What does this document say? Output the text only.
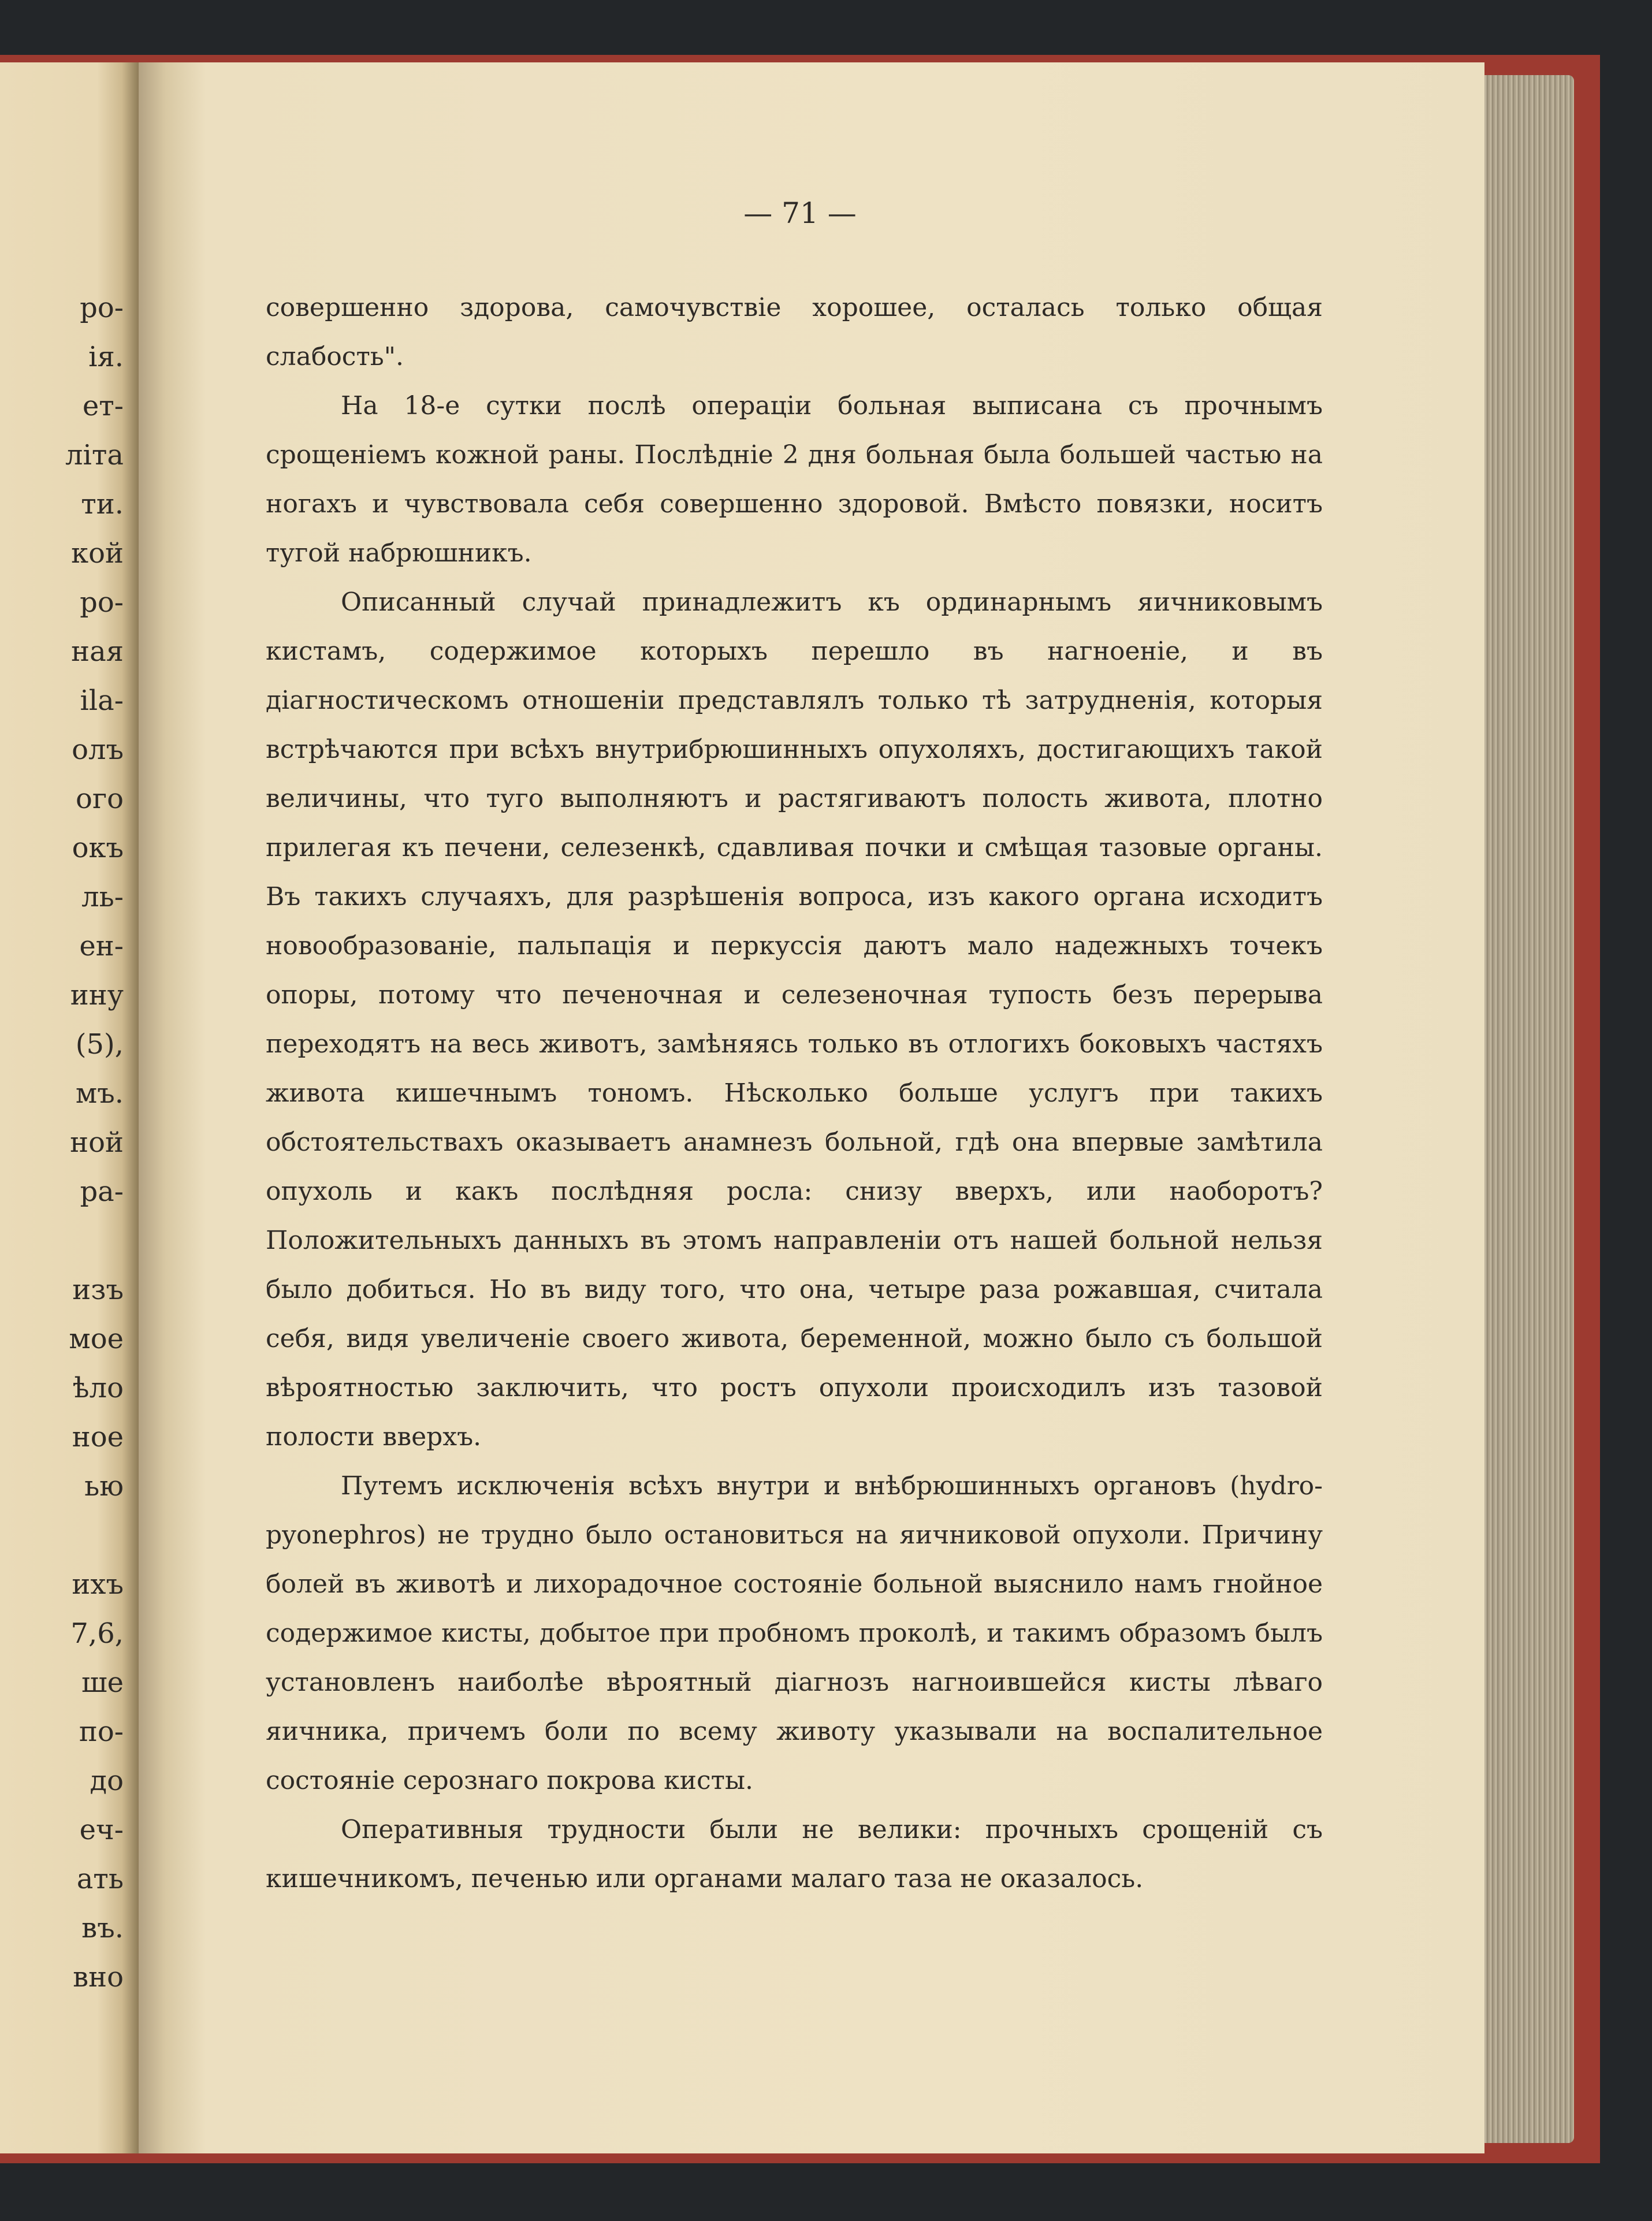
ро-
ія.
ет-
літа
ти.
кой
ро-
ная
іla-
олъ
ого
окъ
ль-
ен-
ину
(5),
мъ.
ной
ра-
изъ
мое
ѣло
ное
ью
ихъ
7,6,
ше
по-
до
еч-
ать
въ.
вно
— 71 —

совершенно здорова, самочувствіе хорошее, осталась только общая слабость".

На 18-е сутки послѣ операціи больная выписана съ прочнымъ срощеніемъ кожной раны. Послѣдніе 2 дня больная была большей частью на ногахъ и чувствовала себя совершенно здоровой. Вмѣсто повязки, носитъ тугой набрюшникъ.

Описанный случай принадлежитъ къ ординарнымъ яичниковымъ кистамъ, содержимое которыхъ перешло въ нагноеніе, и въ діагностическомъ отношеніи представлялъ только тѣ затрудненія, которыя встрѣчаются при всѣхъ внутрибрюшинныхъ опухоляхъ, достигающихъ такой величины, что туго выполняютъ и растягиваютъ полость живота, плотно прилегая къ печени, селезенкѣ, сдавливая почки и смѣщая тазовые органы. Въ такихъ случаяхъ, для разрѣшенія вопроса, изъ какого органа исходитъ новообразованіе, пальпація и перкуссія даютъ мало надежныхъ точекъ опоры, потому что печеночная и селезеночная тупость безъ перерыва переходятъ на весь животъ, замѣняясь только въ отлогихъ боковыхъ частяхъ живота кишечнымъ тономъ. Нѣсколько больше услугъ при такихъ обстоятельствахъ оказываетъ анамнезъ больной, гдѣ она впервые замѣтила опухоль и какъ послѣдняя росла: снизу вверхъ, или наоборотъ? Положительныхъ данныхъ въ этомъ направленіи отъ нашей больной нельзя было добиться. Но въ виду того, что она, четыре раза рожавшая, считала себя, видя увеличеніе своего живота, беременной, можно было съ большой вѣроятностью заключить, что ростъ опухоли происходилъ изъ тазовой полости вверхъ.

Путемъ исключенія всѣхъ внутри и внѣбрюшинныхъ органовъ (hydro-pyonephros) не трудно было остановиться на яичниковой опухоли. Причину болей въ животѣ и лихорадочное состояніе больной выяснило намъ гнойное содержимое кисты, добытое при пробномъ проколѣ, и такимъ образомъ былъ установленъ наиболѣе вѣроятный діагнозъ нагноившейся кисты лѣваго яичника, причемъ боли по всему животу указывали на воспалительное состояніе серознаго покрова кисты.

Оперативныя трудности были не велики: прочныхъ срощеній съ кишечникомъ, печенью или органами малаго таза не оказалось.
